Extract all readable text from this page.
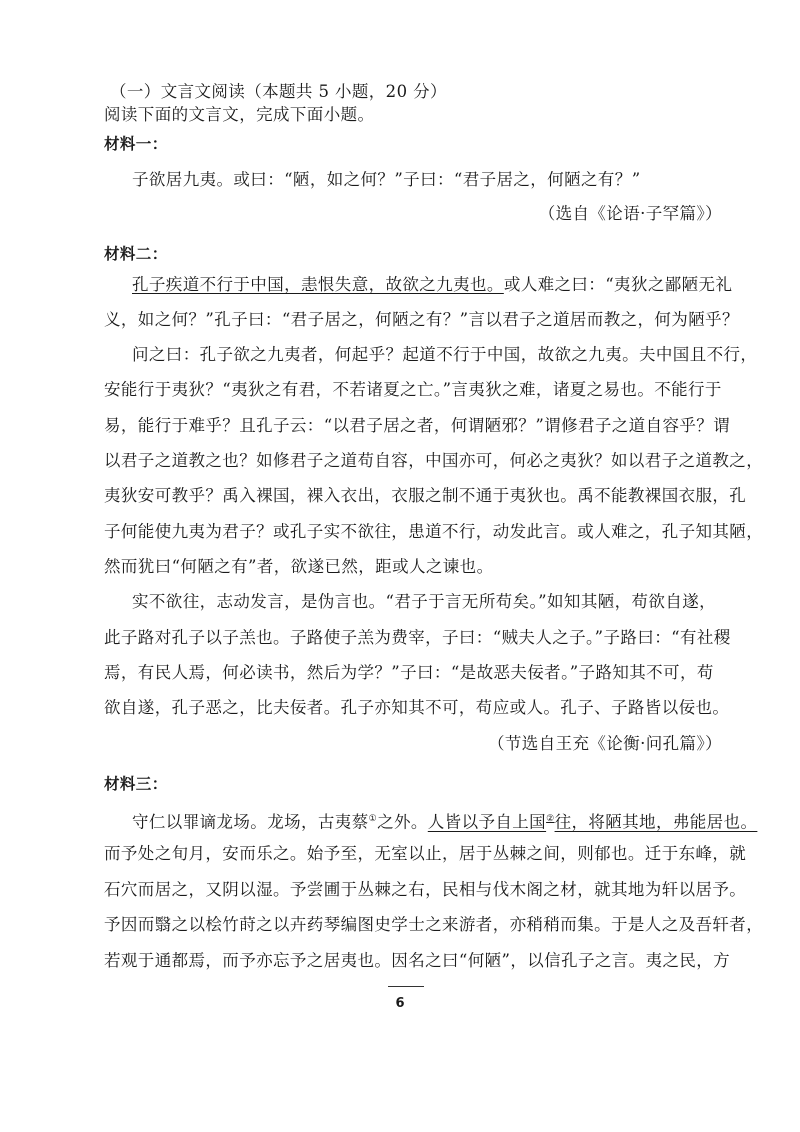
（一）文言文阅读（本题共 5 小题，20 分）
阅读下面的文言文，完成下面小题。
材料一：
子欲居九夷。或曰：“陋，如之何？”子曰：“君子居之，何陋之有？”
（选自《论语·子罕篇》）
材料二：
孔子疾道不行于中国，恚恨失意，故欲之九夷也。或人难之曰：“夷狄之鄙陋无礼
义，如之何？”孔子曰：“君子居之，何陋之有？”言以君子之道居而教之，何为陋乎？
问之曰：孔子欲之九夷者，何起乎？起道不行于中国，故欲之九夷。夫中国且不行，
安能行于夷狄？“夷狄之有君，不若诸夏之亡。”言夷狄之难，诸夏之易也。不能行于
易，能行于难乎？且孔子云：“以君子居之者，何谓陋邪？”谓修君子之道自容乎？谓
以君子之道教之也？如修君子之道苟自容，中国亦可，何必之夷狄？如以君子之道教之，
夷狄安可教乎？禹入裸国，裸入衣出，衣服之制不通于夷狄也。禹不能教裸国衣服，孔
子何能使九夷为君子？或孔子实不欲往，患道不行，动发此言。或人难之，孔子知其陋，
然而犹曰“何陋之有”者，欲遂已然，距或人之谏也。
实不欲往，志动发言，是伪言也。“君子于言无所苟矣。”如知其陋，苟欲自遂，
此子路对孔子以子羔也。子路使子羔为费宰，子曰：“贼夫人之子。”子路曰：“有社稷
焉，有民人焉，何必读书，然后为学？”子曰：“是故恶夫佞者。”子路知其不可，苟
欲自遂，孔子恶之，比夫佞者。孔子亦知其不可，苟应或人。孔子、子路皆以佞也。
（节选自王充《论衡·问孔篇》）
材料三：
守仁以罪谪龙场。龙场，古夷蔡①之外。人皆以予自上国②往，将陋其地，弗能居也。
而予处之旬月，安而乐之。始予至，无室以止，居于丛棘之间，则郁也。迁于东峰，就
石穴而居之，又阴以湿。予尝圃于丛棘之右，民相与伐木阁之材，就其地为轩以居予。
予因而翳之以桧竹莳之以卉药琴编图史学士之来游者，亦稍稍而集。于是人之及吾轩者，
若观于通都焉，而予亦忘予之居夷也。因名之曰“何陋”，以信孔子之言。夷之民，方
6
